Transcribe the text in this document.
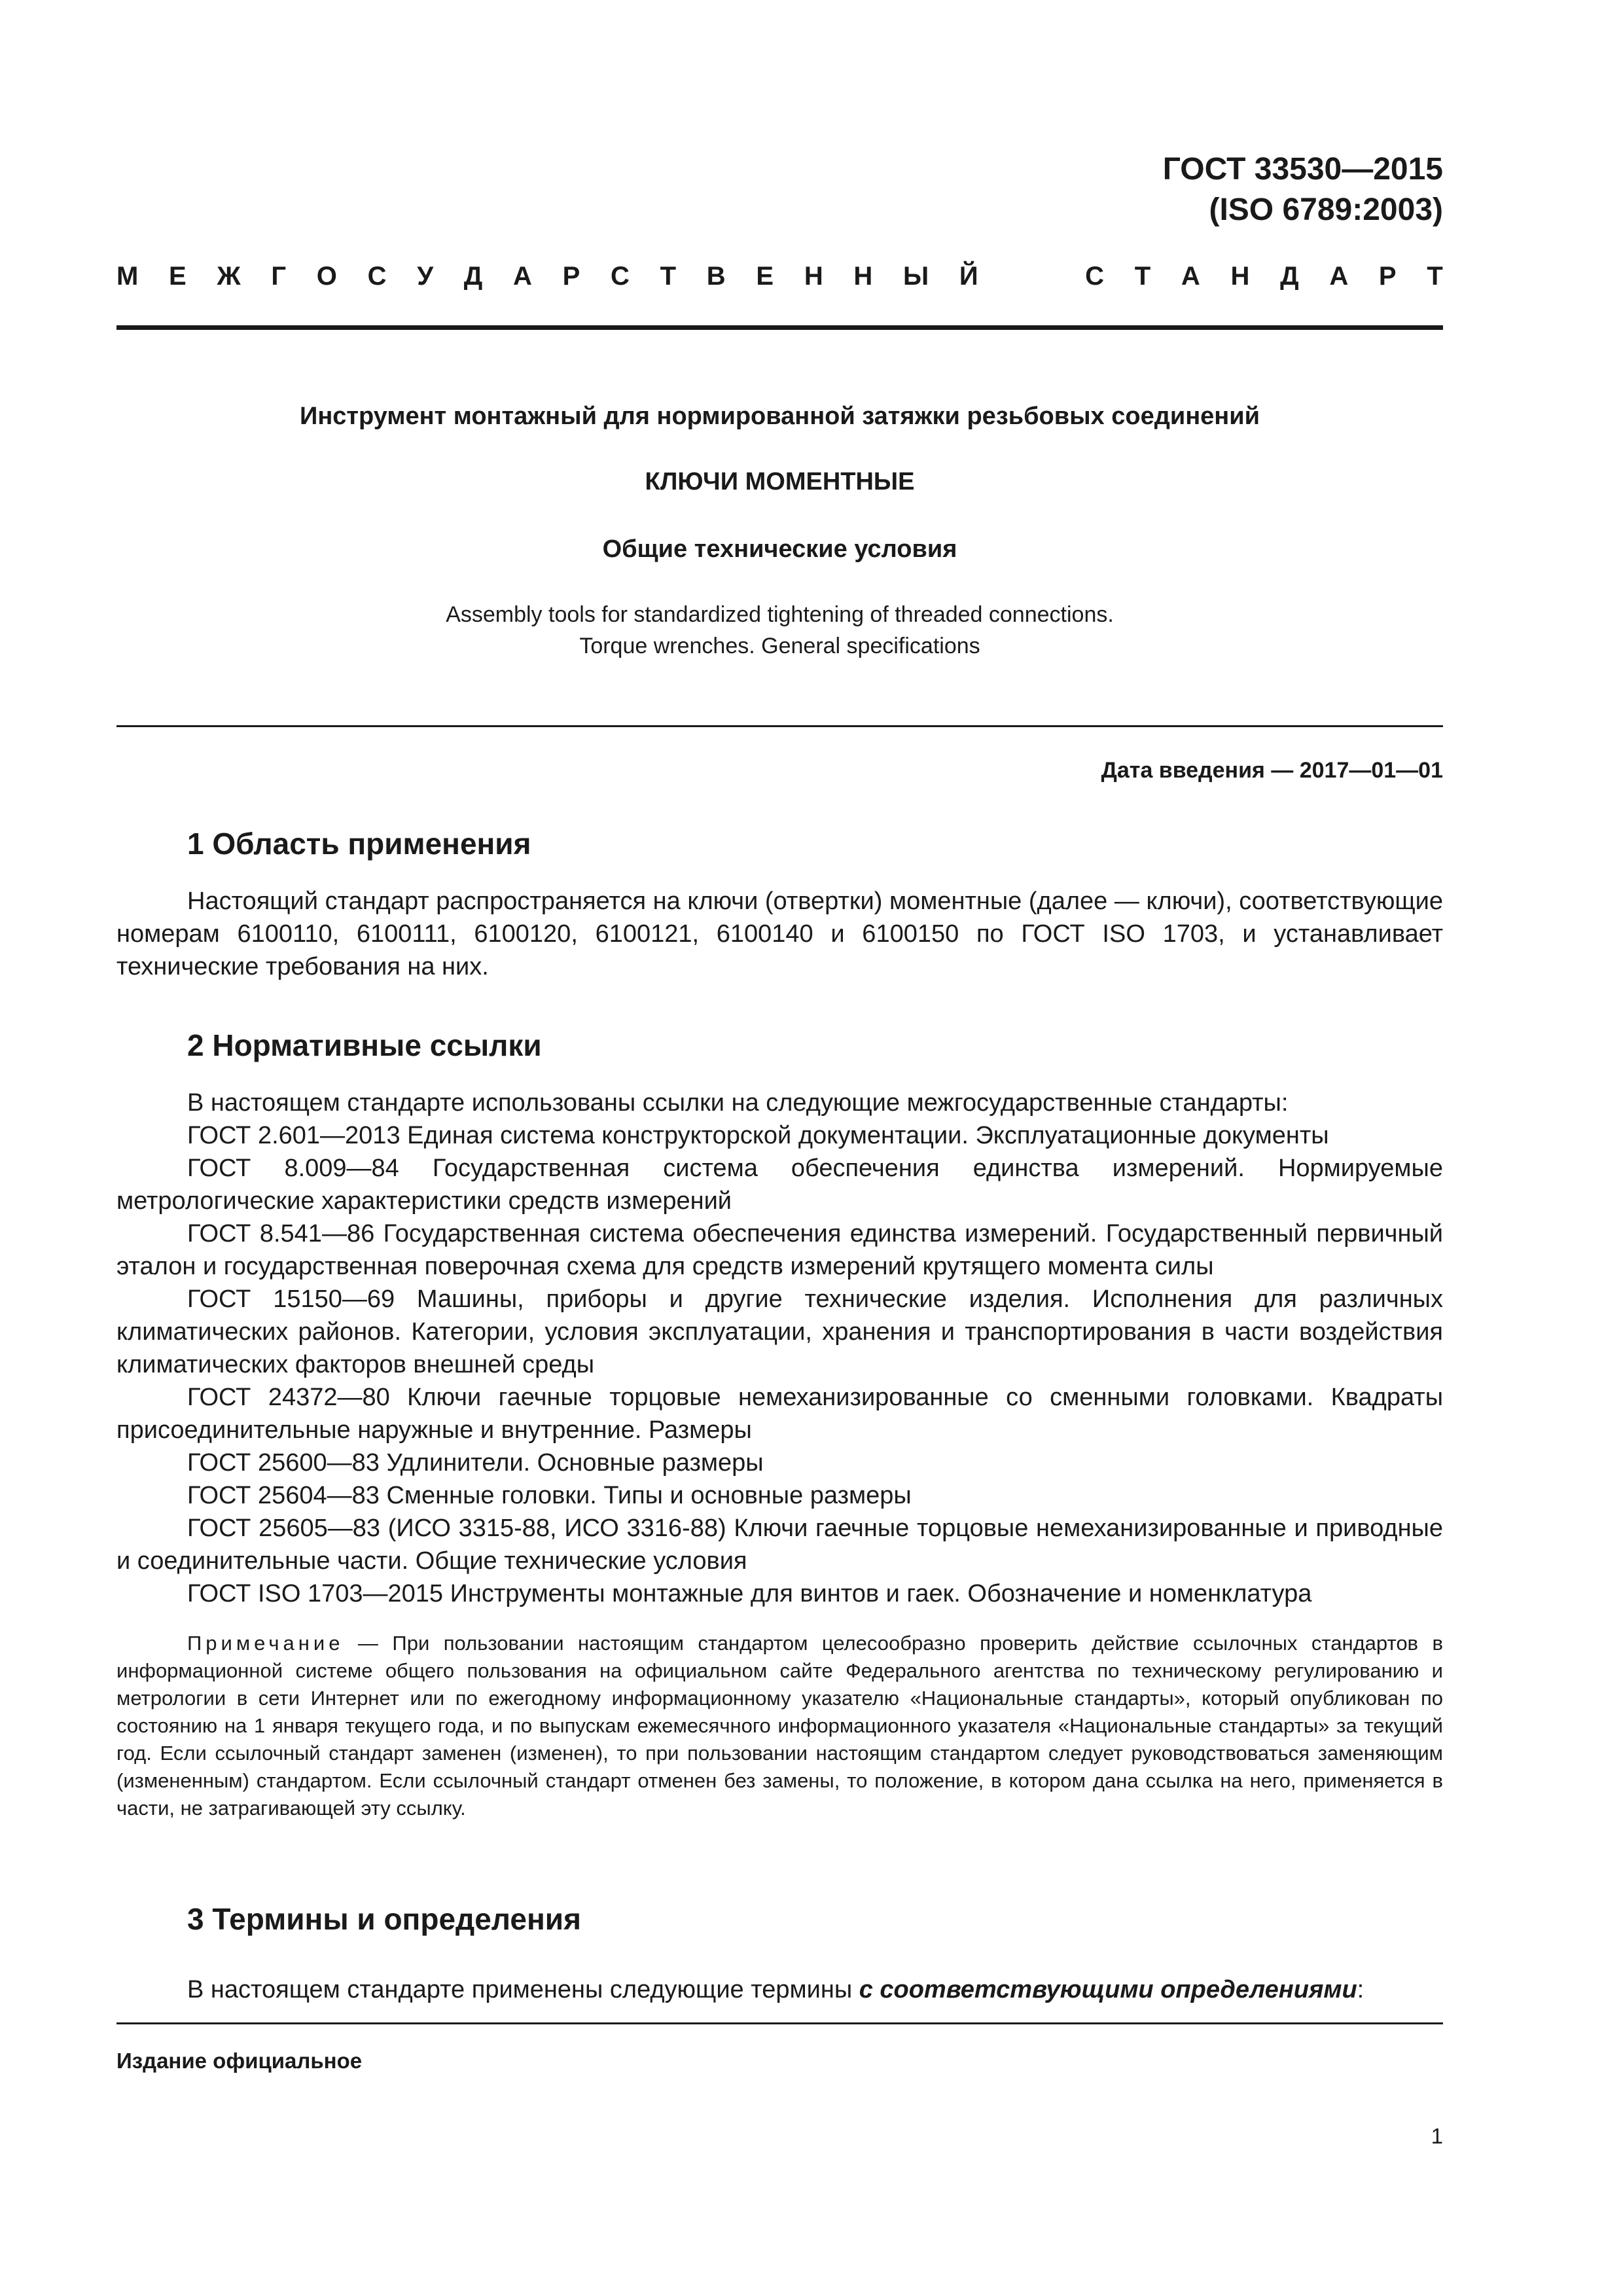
ГОСТ 33530—2015
(ISO 6789:2003)
М Е Ж Г О С У Д А Р С Т В Е Н Н Ы Й	С Т А Н Д А Р Т
Инструмент монтажный для нормированной затяжки резьбовых соединений
КЛЮЧИ МОМЕНТНЫЕ
Общие технические условия
Assembly tools for standardized tightening of threaded connections.
Torque wrenches. General specifications
Дата введения — 2017—01—01
1 Область применения

Настоящий стандарт распространяется на ключи (отвертки) моментные (далее — ключи), соответствующие номерам 6100110, 6100111, 6100120, 6100121, 6100140 и 6100150 по ГОСТ ISO 1703, и устанавливает технические требования на них.

2 Нормативные ссылки

В настоящем стандарте использованы ссылки на следующие межгосударственные стандарты:

ГОСТ 2.601—2013 Единая система конструкторской документации. Эксплуатационные документы

ГОСТ 8.009—84 Государственная система обеспечения единства измерений. Нормируемые метрологические характеристики средств измерений

ГОСТ 8.541—86 Государственная система обеспечения единства измерений. Государственный первичный эталон и государственная поверочная схема для средств измерений крутящего момента силы

ГОСТ 15150—69 Машины, приборы и другие технические изделия. Исполнения для различных климатических районов. Категории, условия эксплуатации, хранения и транспортирования в части воздействия климатических факторов внешней среды

ГОСТ 24372—80 Ключи гаечные торцовые немеханизированные со сменными головками. Квадраты присоединительные наружные и внутренние. Размеры

ГОСТ 25600—83 Удлинители. Основные размеры

ГОСТ 25604—83 Сменные головки. Типы и основные размеры

ГОСТ 25605—83 (ИСО 3315-88, ИСО 3316-88) Ключи гаечные торцовые немеханизированные и приводные и соединительные части. Общие технические условия

ГОСТ ISO 1703—2015 Инструменты монтажные для винтов и гаек. Обозначение и номенклатура

Примечание — При пользовании настоящим стандартом целесообразно проверить действие ссылочных стандартов в информационной системе общего пользования на официальном сайте Федерального агентства по техническому регулированию и метрологии в сети Интернет или по ежегодному информационному указателю «Национальные стандарты», который опубликован по состоянию на 1 января текущего года, и по выпускам ежемесячного информационного указателя «Национальные стандарты» за текущий год. Если ссылочный стандарт заменен (изменен), то при пользовании настоящим стандартом следует руководствоваться заменяющим (измененным) стандартом. Если ссылочный стандарт отменен без замены, то положение, в котором дана ссылка на него, применяется в части, не затрагивающей эту ссылку.
3 Термины и определения
В настоящем стандарте применены следующие термины с соответствующими определениями:
Издание официальное
1
